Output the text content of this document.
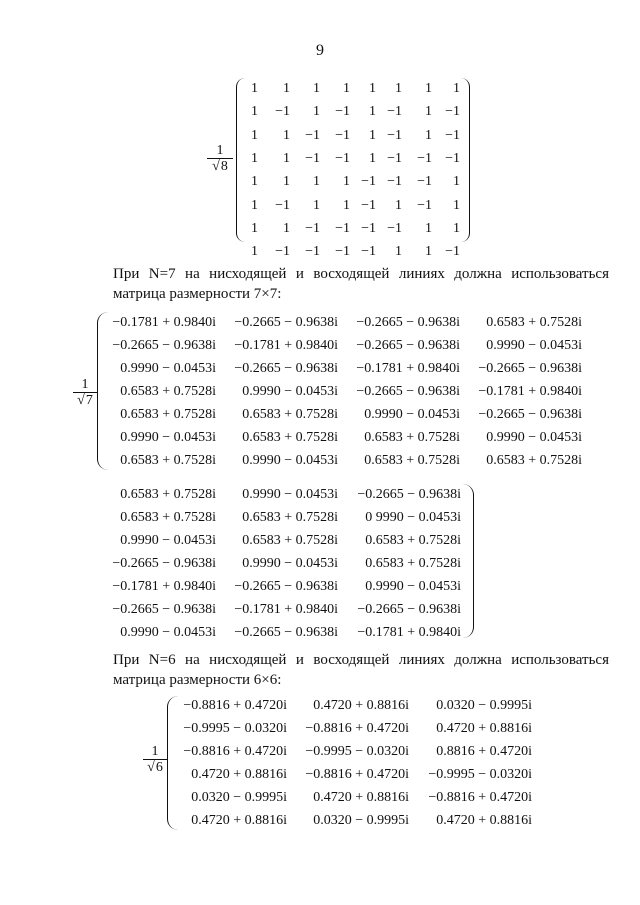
9
$\frac{1}{√8}$
1 1 1 1 1 1 1 1
1 −1 1 −1 1 −1 1 −1
1 1 −1 −1 1 −1 1 −1
1 1 −1 −1 1 −1 −1 −1
1 1 1 1 −1 −1 −1 1
1 −1 1 1 −1 1 −1 1
1 1 −1 −1 −1 −1 1 1
1 −1 −1 −1 −1 1 1 −1
При N=7 на нисходящей и восходящей линиях должна использоваться
матрица размерности 7×7:
$\frac{1}{√7}$
−0.1781 + 0.9840i −0.2665 − 0.9638i −0.2665 − 0.9638i 0.6583 + 0.7528i
−0.2665 − 0.9638i −0.1781 + 0.9840i −0.2665 − 0.9638i 0.9990 − 0.0453i
0.9990 − 0.0453i −0.2665 − 0.9638i −0.1781 + 0.9840i −0.2665 − 0.9638i
0.6583 + 0.7528i 0.9990 − 0.0453i −0.2665 − 0.9638i −0.1781 + 0.9840i
0.6583 + 0.7528i 0.6583 + 0.7528i 0.9990 − 0.0453i −0.2665 − 0.9638i
0.9990 − 0.0453i 0.6583 + 0.7528i 0.6583 + 0.7528i 0.9990 − 0.0453i
0.6583 + 0.7528i 0.9990 − 0.0453i 0.6583 + 0.7528i 0.6583 + 0.7528i
0.6583 + 0.7528i 0.9990 − 0.0453i −0.2665 − 0.9638i
0.6583 + 0.7528i 0.6583 + 0.7528i 0 9990 − 0.0453i
0.9990 − 0.0453i 0.6583 + 0.7528i 0.6583 + 0.7528i
−0.2665 − 0.9638i 0.9990 − 0.0453i 0.6583 + 0.7528i
−0.1781 + 0.9840i −0.2665 − 0.9638i 0.9990 − 0.0453i
−0.2665 − 0.9638i −0.1781 + 0.9840i −0.2665 − 0.9638i
0.9990 − 0.0453i −0.2665 − 0.9638i −0.1781 + 0.9840i
При N=6 на нисходящей и восходящей линиях должна использоваться
матрица размерности 6×6:
$\frac{1}{√6}$
−0.8816 + 0.4720i 0.4720 + 0.8816i 0.0320 − 0.9995i
−0.9995 − 0.0320i −0.8816 + 0.4720i 0.4720 + 0.8816i
−0.8816 + 0.4720i −0.9995 − 0.0320i 0.8816 + 0.4720i
0.4720 + 0.8816i −0.8816 + 0.4720i −0.9995 − 0.0320i
0.0320 − 0.9995i 0.4720 + 0.8816i −0.8816 + 0.4720i
0.4720 + 0.8816i 0.0320 − 0.9995i 0.4720 + 0.8816i
